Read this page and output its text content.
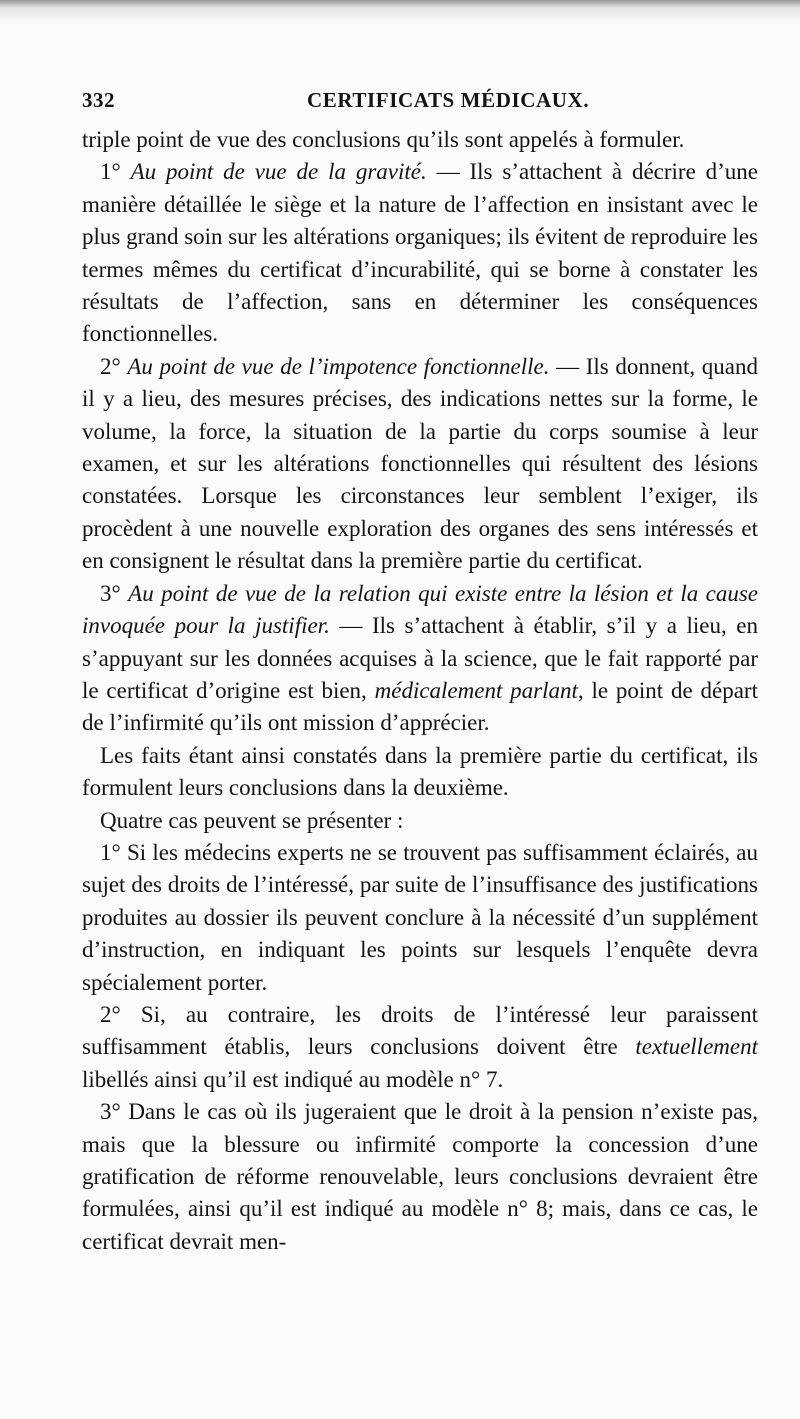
332	CERTIFICATS MÉDICAUX.

triple point de vue des conclusions qu’ils sont appelés à formuler.

1° Au point de vue de la gravité. — Ils s’attachent à décrire d’une manière détaillée le siège et la nature de l’affection en insistant avec le plus grand soin sur les altérations organiques; ils évitent de reproduire les termes mêmes du certificat d’incurabilité, qui se borne à constater les résultats de l’affection, sans en déterminer les conséquences fonctionnelles.

2° Au point de vue de l’impotence fonctionnelle. — Ils donnent, quand il y a lieu, des mesures précises, des indications nettes sur la forme, le volume, la force, la situation de la partie du corps soumise à leur examen, et sur les altérations fonctionnelles qui résultent des lésions constatées. Lorsque les circonstances leur semblent l’exiger, ils procèdent à une nouvelle exploration des organes des sens intéressés et en consignent le résultat dans la première partie du certificat.

3° Au point de vue de la relation qui existe entre la lésion et la cause invoquée pour la justifier. — Ils s’attachent à établir, s’il y a lieu, en s’appuyant sur les données acquises à la science, que le fait rapporté par le certificat d’origine est bien, médicalement parlant, le point de départ de l’infirmité qu’ils ont mission d’apprécier.

Les faits étant ainsi constatés dans la première partie du certificat, ils formulent leurs conclusions dans la deuxième.

Quatre cas peuvent se présenter :

1° Si les médecins experts ne se trouvent pas suffisamment éclairés, au sujet des droits de l’intéressé, par suite de l’insuffisance des justifications produites au dossier ils peuvent conclure à la nécessité d’un supplément d’instruction, en indiquant les points sur lesquels l’enquête devra spécialement porter.

2° Si, au contraire, les droits de l’intéressé leur paraissent suffisamment établis, leurs conclusions doivent être textuellement libellés ainsi qu’il est indiqué au modèle n° 7.

3° Dans le cas où ils jugeraient que le droit à la pension n’existe pas, mais que la blessure ou infirmité comporte la concession d’une gratification de réforme renouvelable, leurs conclusions devraient être formulées, ainsi qu’il est indiqué au modèle n° 8; mais, dans ce cas, le certificat devrait men-
